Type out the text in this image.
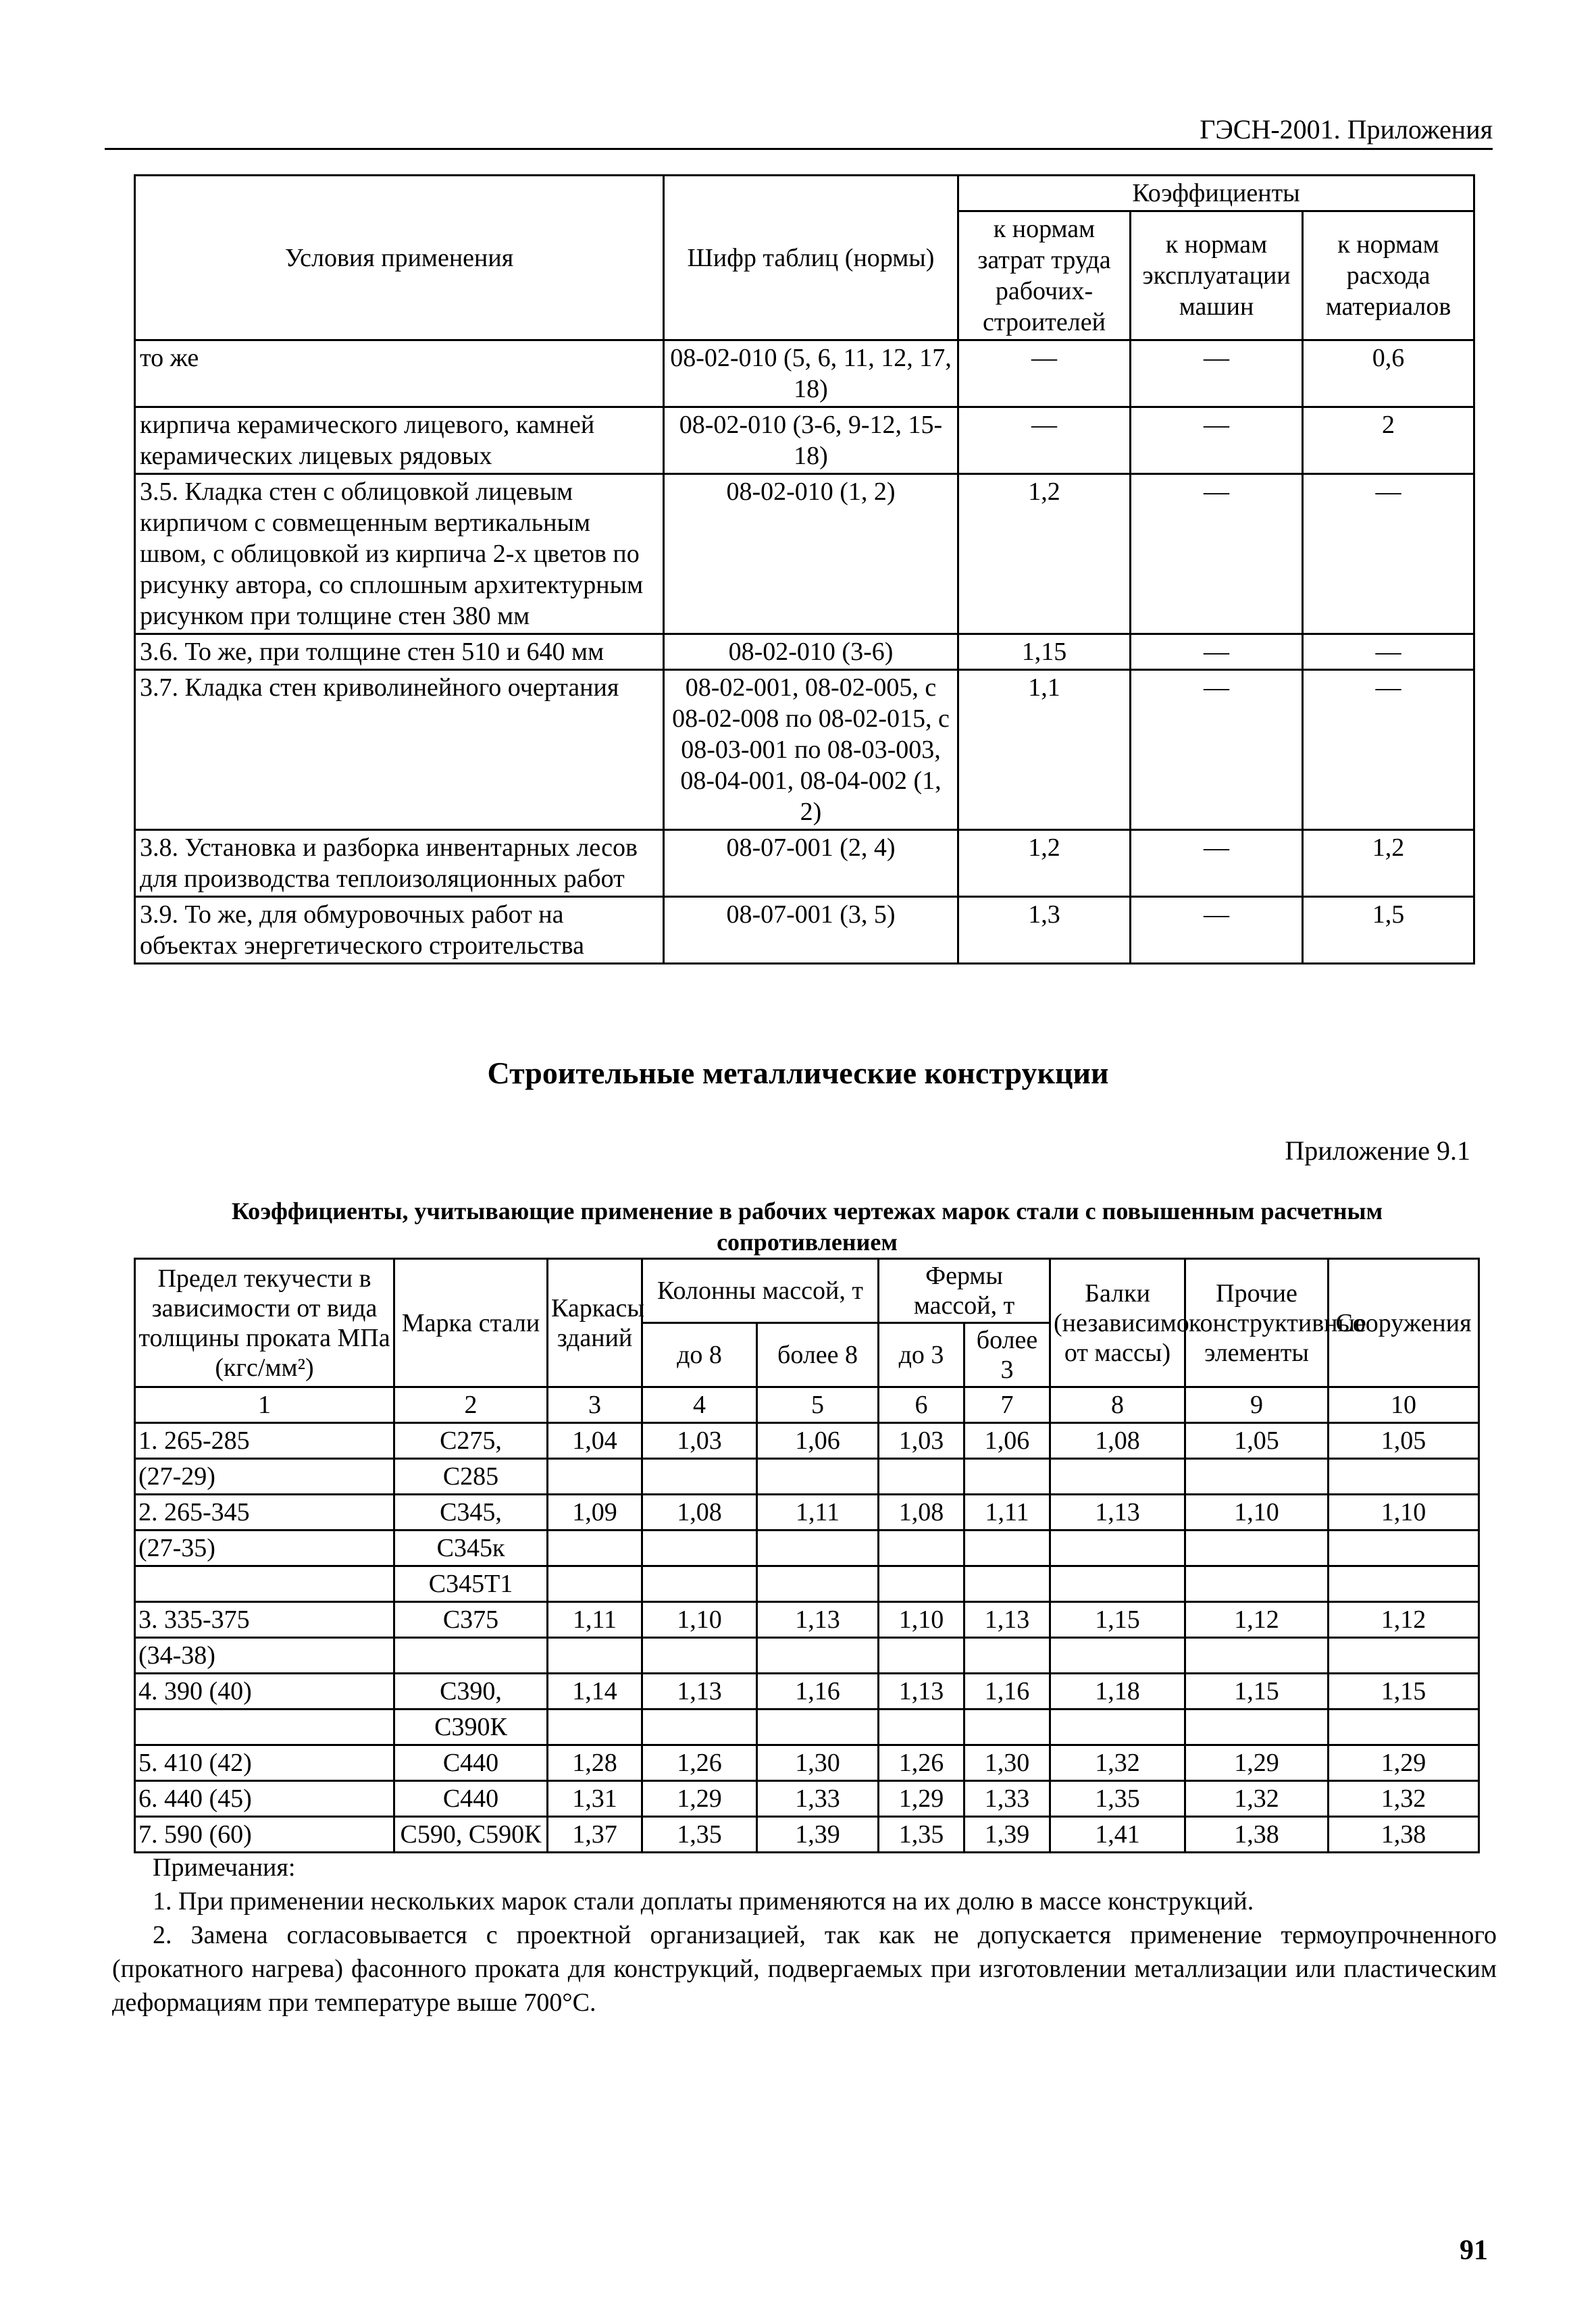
ГЭСН-2001. Приложения
Условия применения	Шифр таблиц (нормы)	Коэффициенты		
		к нормам затрат труда рабочих-строителей	к нормам эксплуатации машин	к нормам расхода материалов
то же	08-02-010 (5, 6, 11, 12, 17, 18)	—	—	0,6
кирпича керамического лицевого, камней керамических лицевых рядовых	08-02-010 (3-6, 9-12, 15-18)	—	—	2
3.5. Кладка стен с облицовкой лицевым кирпичом с совмещенным вертикальным швом, с облицовкой из кирпича 2-х цветов по рисунку автора, со сплошным архитектурным рисунком при толщине стен 380 мм	08-02-010 (1, 2)	1,2	—	—
3.6. То же, при толщине стен 510 и 640 мм	08-02-010 (3-6)	1,15	—	—
3.7. Кладка стен криволинейного очертания	08-02-001, 08-02-005, с 08-02-008 по 08-02-015, с 08-03-001 по 08-03-003, 08-04-001, 08-04-002 (1, 2)	1,1	—	—
3.8. Установка и разборка инвентарных лесов для производства теплоизоляционных работ	08-07-001 (2, 4)	1,2	—	1,2
3.9. То же, для обмуровочных работ на объектах энергетического строительства	08-07-001 (3, 5)	1,3	—	1,5
Строительные металлические конструкции
Приложение 9.1
Коэффициенты, учитывающие применение в рабочих чертежах марок стали с повышенным расчетным сопротивлением
Предел текучести в зависимости от вида толщины проката МПа (кгс/мм²)	Марка стали	Каркасы зданий	Колонны массой, т		Фермы массой, т		Балки (независимо от массы)	Прочие конструктивные элементы	Сооружения
			до 8	более 8	до 3	более 3			
1	2	3	4	5	6	7	8	9	10
1. 265-285	С275,	1,04	1,03	1,06	1,03	1,06	1,08	1,05	1,05
(27-29)	С285								
2. 265-345	С345,	1,09	1,08	1,11	1,08	1,11	1,13	1,10	1,10
(27-35)	С345к								
	С345Т1								
3. 335-375	С375	1,11	1,10	1,13	1,10	1,13	1,15	1,12	1,12
(34-38)									
4. 390 (40)	С390,	1,14	1,13	1,16	1,13	1,16	1,18	1,15	1,15
	С390К								
5. 410 (42)	С440	1,28	1,26	1,30	1,26	1,30	1,32	1,29	1,29
6. 440 (45)	С440	1,31	1,29	1,33	1,29	1,33	1,35	1,32	1,32
7. 590 (60)	С590, С590К	1,37	1,35	1,39	1,35	1,39	1,41	1,38	1,38

Примечания:

1. При применении нескольких марок стали доплаты применяются на их долю в массе конструкций.

2. Замена согласовывается с проектной организацией, так как не допускается применение термоупрочненного (прокатного нагрева) фасонного проката для конструкций, подвергаемых при изготовлении металлизации или пластическим деформациям при температуре выше 700°С.

91
